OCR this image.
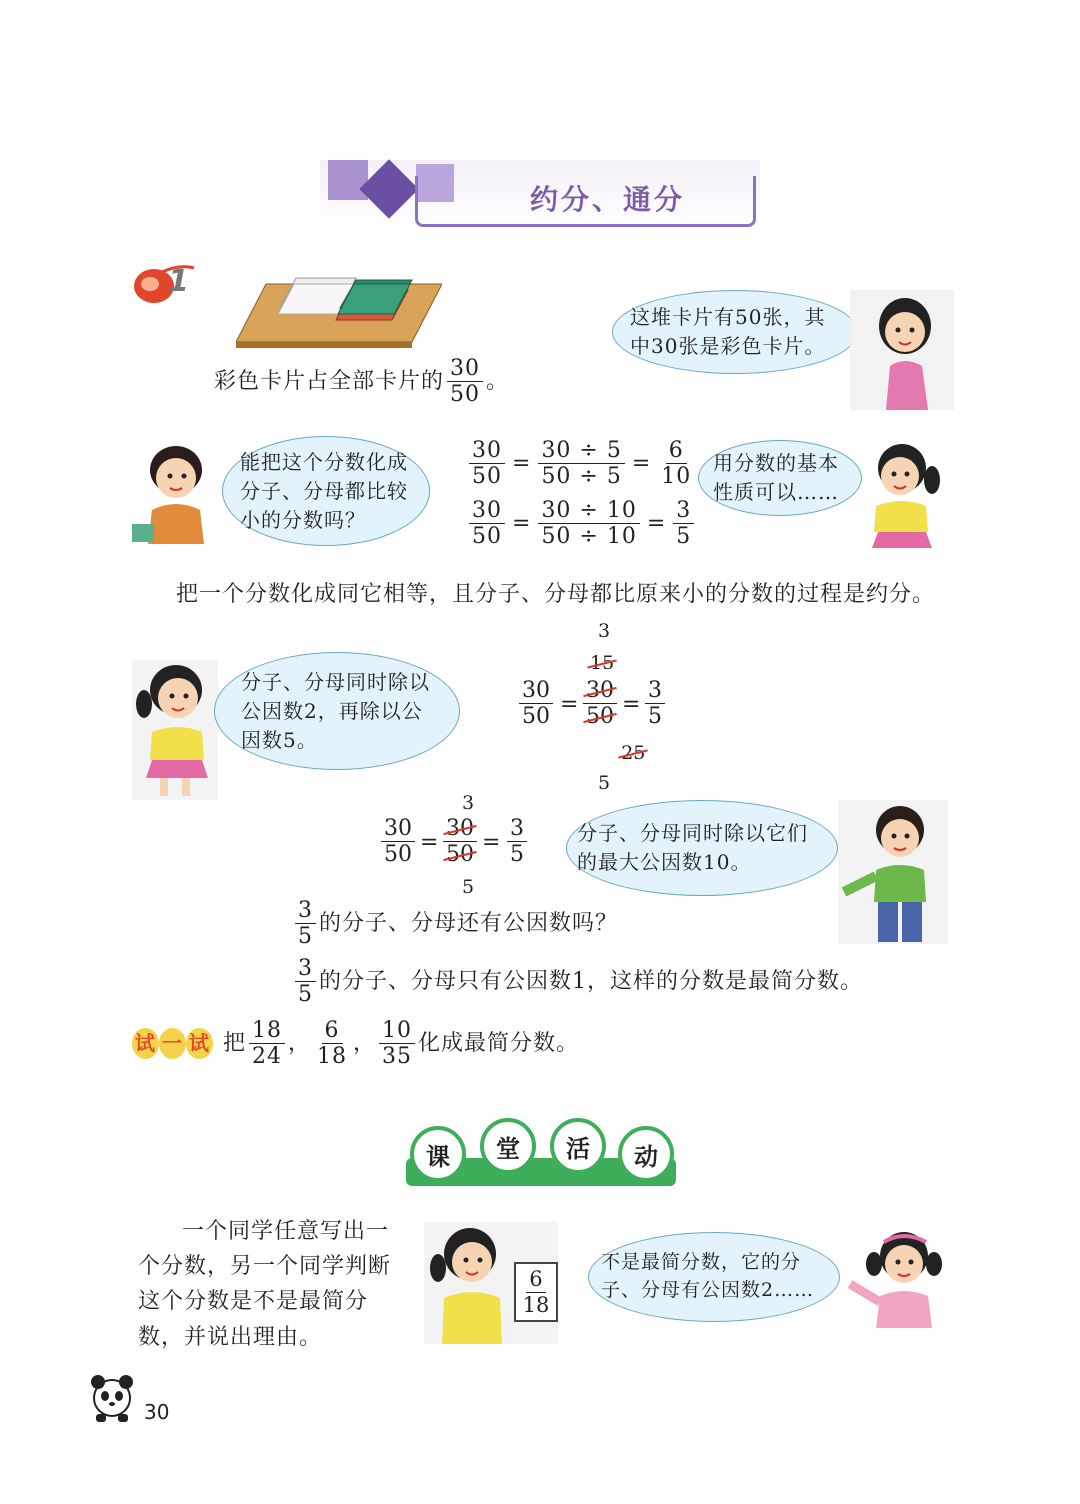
约分、通分
1
彩色卡片占全部卡片的 $\frac{30}{50}$ 。
这堆卡片有50张，其中30张是彩色卡片。
能把这个分数化成分子、分母都比较小的分数吗？
$\frac{30}{50} = \frac{30 \div 5}{50 \div 5} = \frac{6}{10}$
$\frac{30}{50} = \frac{30 \div 10}{50 \div 10} = \frac{3}{5}$
用分数的基本性质可以……
把一个分数化成同它相等，且分子、分母都比原来小的分数的过程是约分。
分子、分母同时除以公因数2，再除以公因数5。
3
15
$\frac{30}{50} = \frac{30}{50} = \frac{3}{5}$
25
5
3
$\frac{30}{50} = \frac{30}{50} = \frac{3}{5}$
5
分子、分母同时除以它们的最大公因数10。
$\frac{3}{5}$ 的分子、分母还有公因数吗？
$\frac{3}{5}$ 的分子、分母只有公因数1，这样的分数是最简分数。
试 一 试 把 $\frac{18}{24}$ ， $\frac{6}{18}$ ， $\frac{10}{35}$ 化成最简分数。
课 堂 活 动
一个同学任意写出一个分数，另一个同学判断这个分数是不是最简分数，并说出理由。
$\frac{6}{18}$
不是最简分数，它的分子、分母有公因数2……
30
